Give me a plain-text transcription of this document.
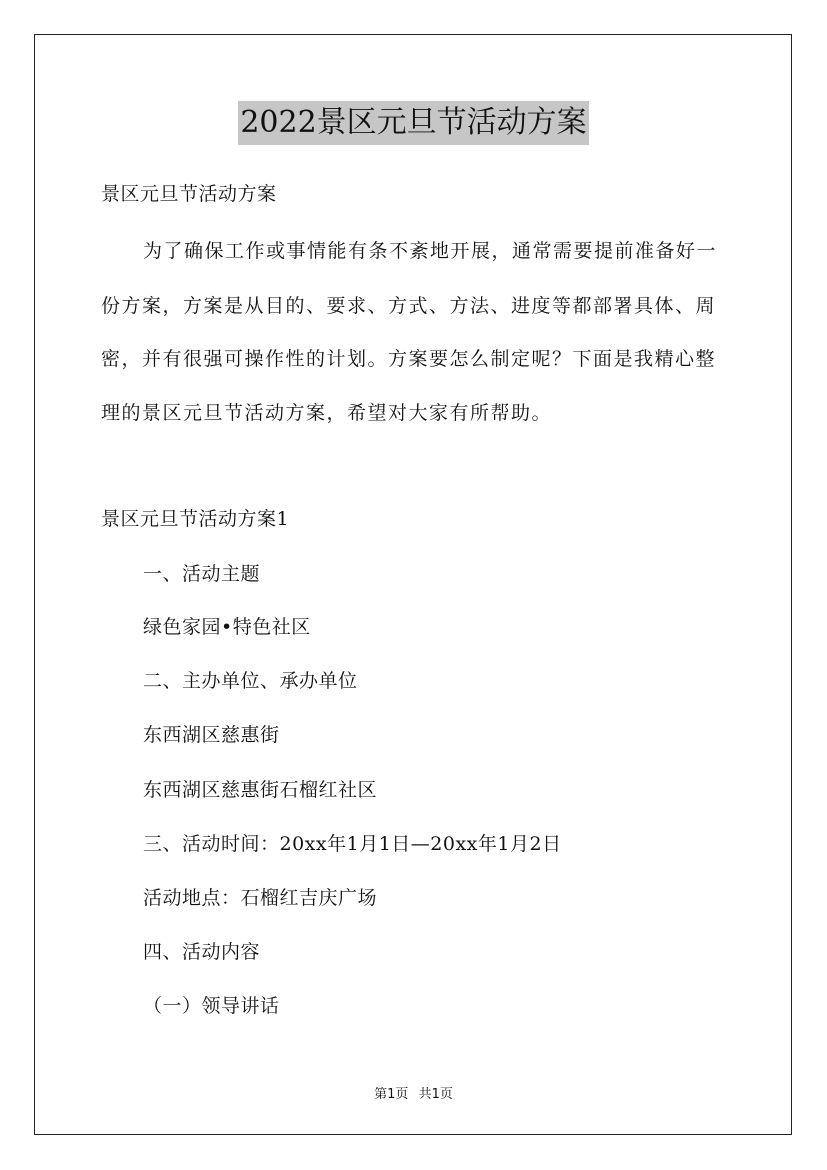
2022景区元旦节活动方案
景区元旦节活动方案
为了确保工作或事情能有条不紊地开展，通常需要提前准备好一
份方案，方案是从目的、要求、方式、方法、进度等都部署具体、周
密，并有很强可操作性的计划。方案要怎么制定呢？下面是我精心整
理的景区元旦节活动方案，希望对大家有所帮助。
景区元旦节活动方案1
一、活动主题
绿色家园•特色社区
二、主办单位、承办单位
东西湖区慈惠街
东西湖区慈惠街石榴红社区
三、活动时间：20xx年1月1日—20xx年1月2日
活动地点：石榴红吉庆广场
四、活动内容
（一）领导讲话
第1页 共1页
